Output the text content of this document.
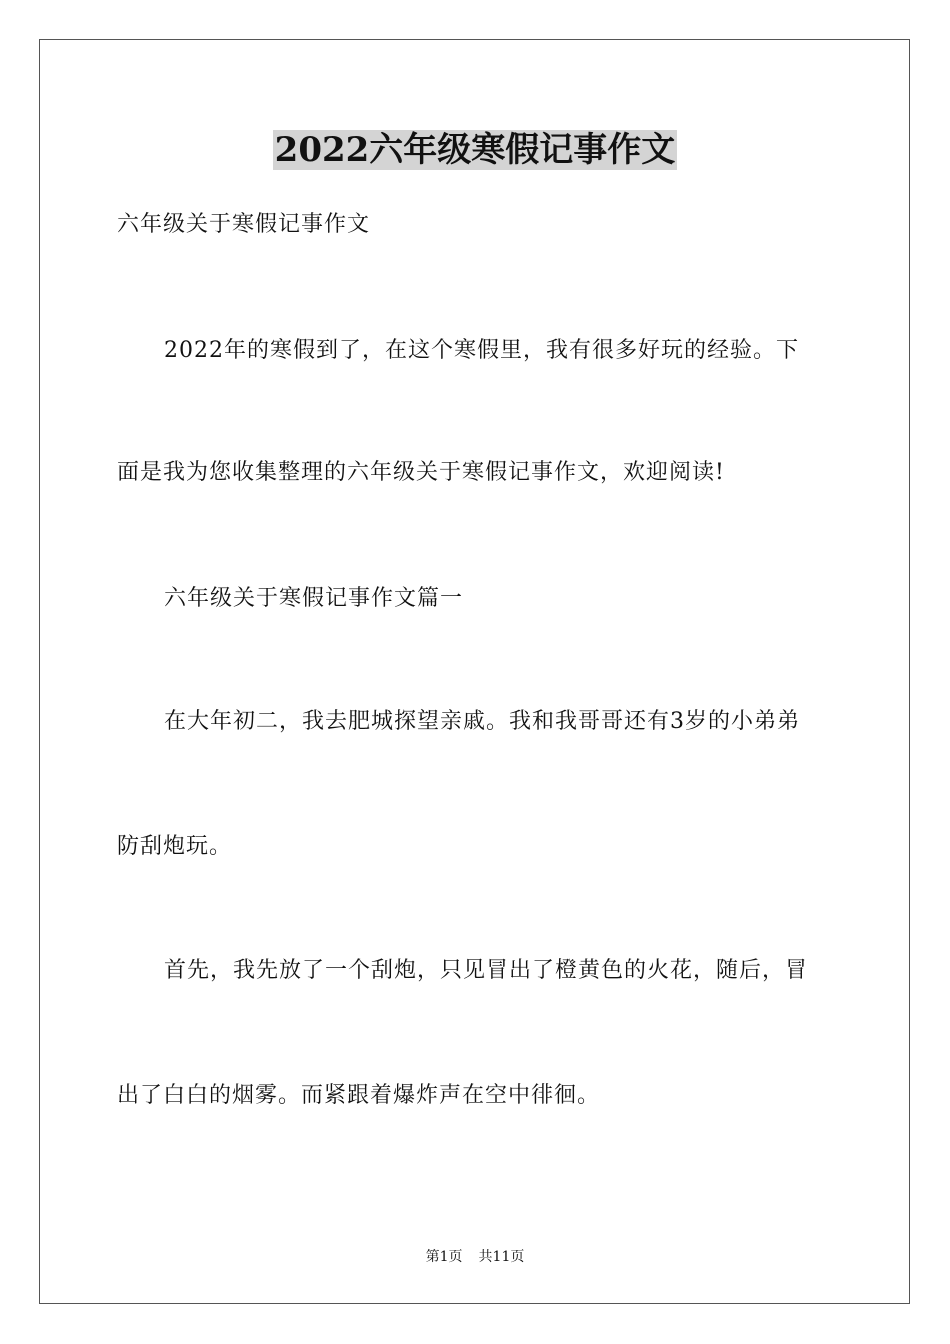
2022六年级寒假记事作文
六年级关于寒假记事作文
2022年的寒假到了，在这个寒假里，我有很多好玩的经验。下
面是我为您收集整理的六年级关于寒假记事作文，欢迎阅读!
六年级关于寒假记事作文篇一
在大年初二，我去肥城探望亲戚。我和我哥哥还有3岁的小弟弟
防刮炮玩。
首先，我先放了一个刮炮，只见冒出了橙黄色的火花，随后，冒
出了白白的烟雾。而紧跟着爆炸声在空中徘徊。
第1页 共11页
